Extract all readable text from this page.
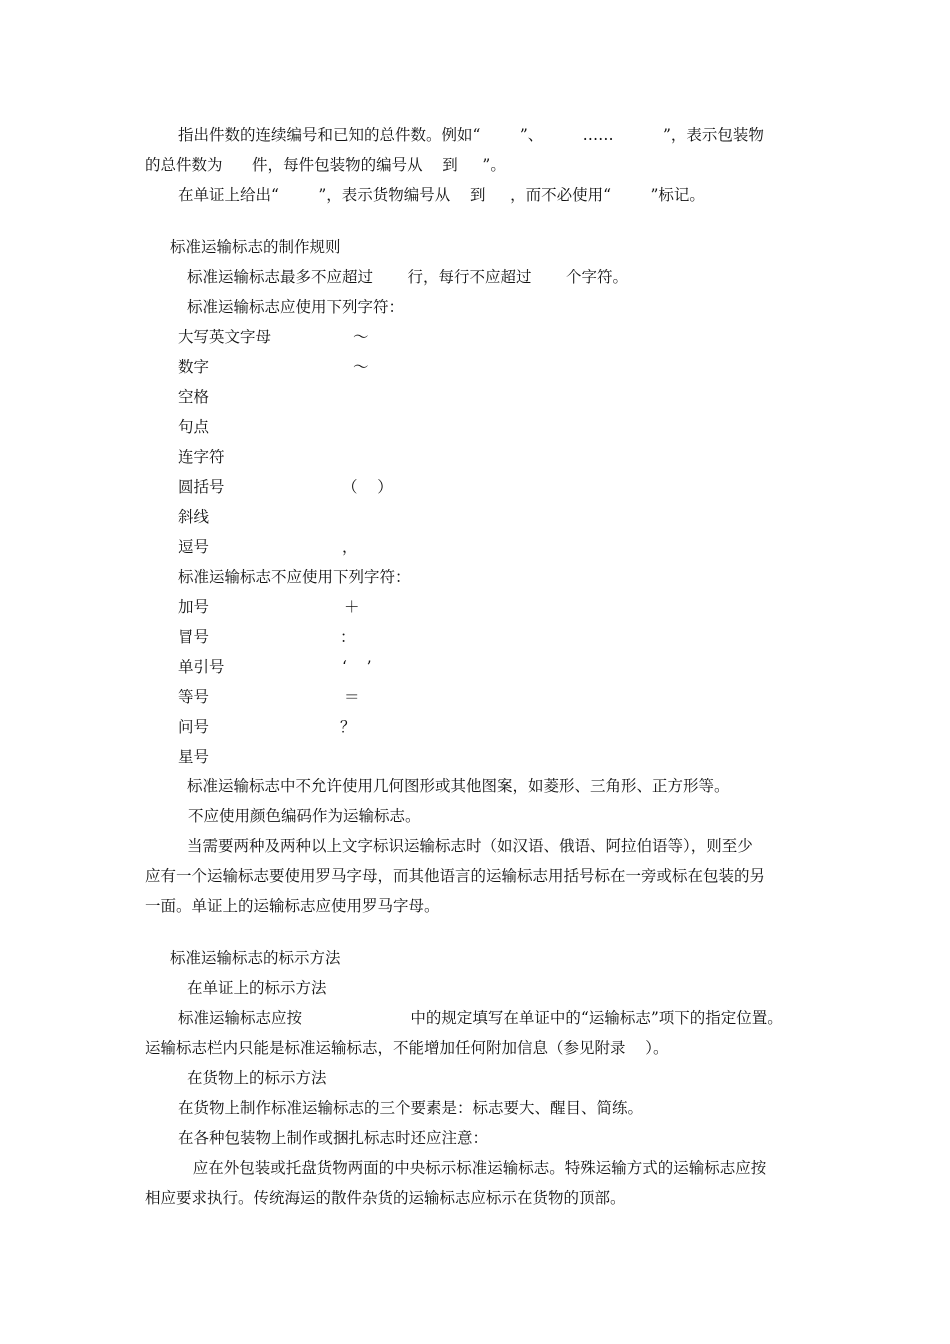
指出件数的连续编号和已知的总件数。例如“        ”、        ……          ”，表示包装物
的总件数为      件，每件包装物的编号从    到     ”。
在单证上给出“        ”，表示货物编号从    到     ，而不必使用“        ”标记。
标准运输标志的制作规则
标准运输标志最多不应超过       行，每行不应超过       个字符。
标准运输标志应使用下列字符：
大写英文字母	～
数字	～
空格
句点
连字符
圆括号	（    ）
斜线
逗号	，
标准运输标志不应使用下列字符：
加号	＋
冒号	：
单引号	‘    ’
等号	＝
问号	？
星号
标准运输标志中不允许使用几何图形或其他图案，如菱形、三角形、正方形等。
不应使用颜色编码作为运输标志。
当需要两种及两种以上文字标识运输标志时（如汉语、俄语、阿拉伯语等），则至少
应有一个运输标志要使用罗马字母，而其他语言的运输标志用括号标在一旁或标在包装的另
一面。单证上的运输标志应使用罗马字母。
标准运输标志的标示方法
在单证上的标示方法
标准运输标志应按                      中的规定填写在单证中的“运输标志”项下的指定位置。
运输标志栏内只能是标准运输标志，不能增加任何附加信息（参见附录    ）。
在货物上的标示方法
在货物上制作标准运输标志的三个要素是：标志要大、醒目、简练。
在各种包装物上制作或捆扎标志时还应注意：
应在外包装或托盘货物两面的中央标示标准运输标志。特殊运输方式的运输标志应按
相应要求执行。传统海运的散件杂货的运输标志应标示在货物的顶部。
